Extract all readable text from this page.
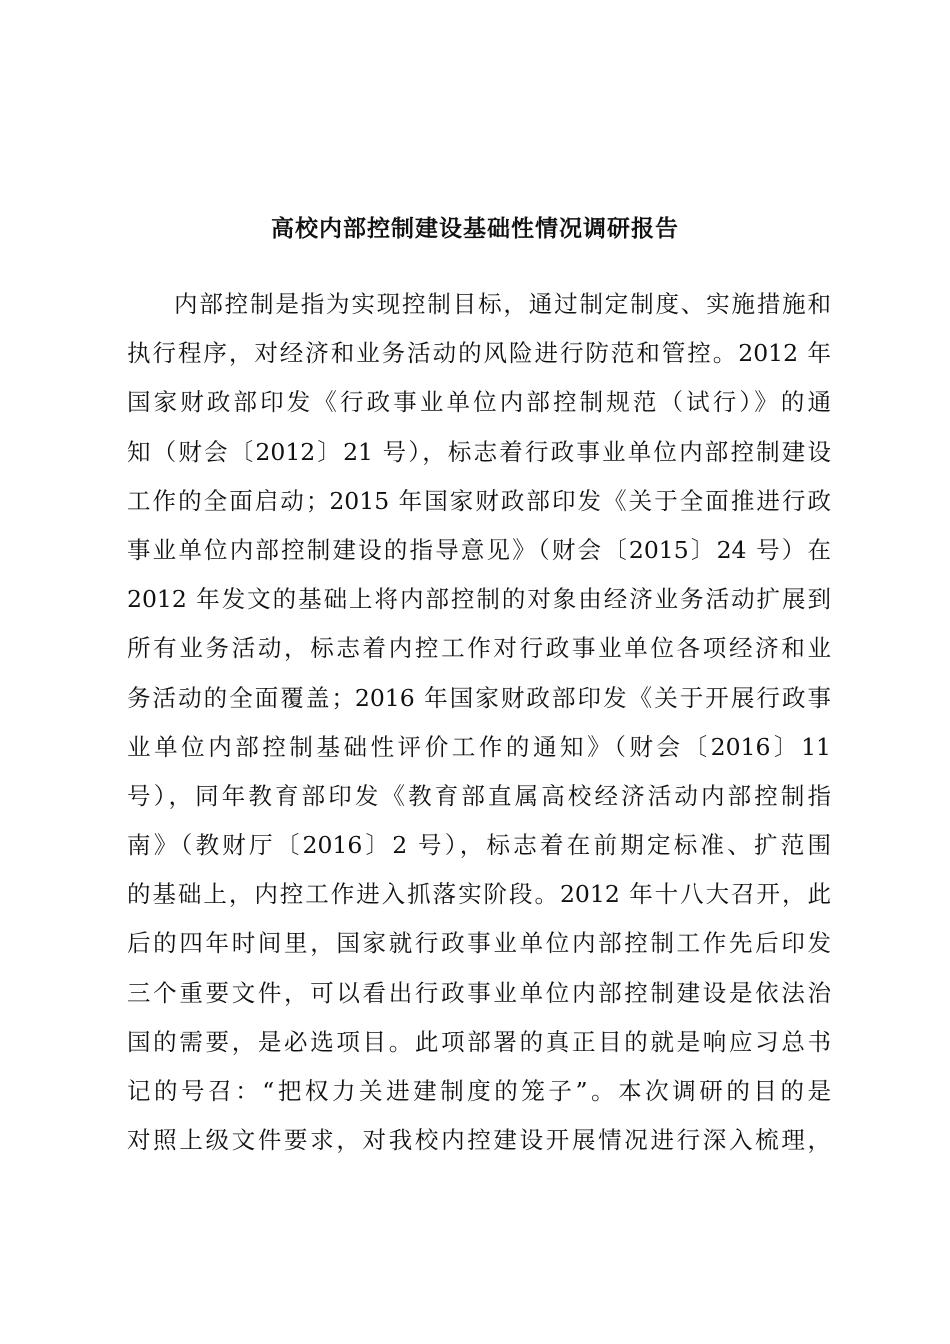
高校内部控制建设基础性情况调研报告
内部控制是指为实现控制目标，通过制定制度、实施措施和
执行程序，对经济和业务活动的风险进行防范和管控。2012 年
国家财政部印发《行政事业单位内部控制规范（试行）》的通
知（财会〔2012〕21 号），标志着行政事业单位内部控制建设
工作的全面启动；2015 年国家财政部印发《关于全面推进行政
事业单位内部控制建设的指导意见》（财会〔2015〕24 号）在
2012 年发文的基础上将内部控制的对象由经济业务活动扩展到
所有业务活动，标志着内控工作对行政事业单位各项经济和业
务活动的全面覆盖；2016 年国家财政部印发《关于开展行政事
业单位内部控制基础性评价工作的通知》（财会〔2016〕11
号），同年教育部印发《教育部直属高校经济活动内部控制指
南》（教财厅〔2016〕2 号），标志着在前期定标准、扩范围
的基础上，内控工作进入抓落实阶段。2012 年十八大召开，此
后的四年时间里，国家就行政事业单位内部控制工作先后印发
三个重要文件，可以看出行政事业单位内部控制建设是依法治
国的需要，是必选项目。此项部署的真正目的就是响应习总书
记的号召：“把权力关进建制度的笼子”。本次调研的目的是
对照上级文件要求，对我校内控建设开展情况进行深入梳理，
